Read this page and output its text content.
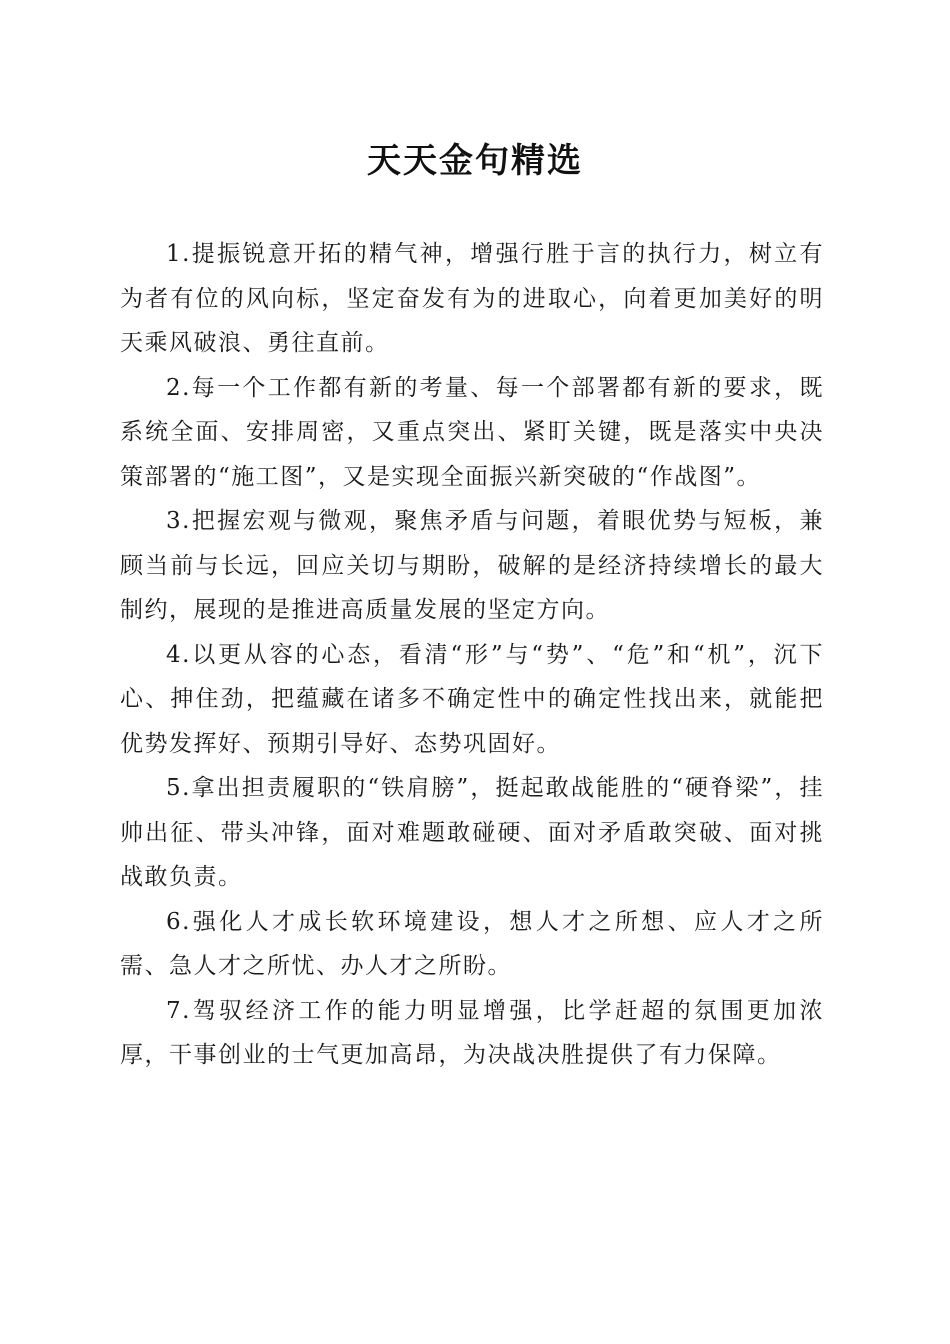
天天金句精选

1.提振锐意开拓的精气神，增强行胜于言的执行力，树立有为者有位的风向标，坚定奋发有为的进取心，向着更加美好的明天乘风破浪、勇往直前。

2.每一个工作都有新的考量、每一个部署都有新的要求，既系统全面、安排周密，又重点突出、紧盯关键，既是落实中央决策部署的“施工图”，又是实现全面振兴新突破的“作战图”。

3.把握宏观与微观，聚焦矛盾与问题，着眼优势与短板，兼顾当前与长远，回应关切与期盼，破解的是经济持续增长的最大制约，展现的是推进高质量发展的坚定方向。

4.以更从容的心态，看清“形”与“势”、“危”和“机”，沉下心、抻住劲，把蕴藏在诸多不确定性中的确定性找出来，就能把优势发挥好、预期引导好、态势巩固好。

5.拿出担责履职的“铁肩膀”，挺起敢战能胜的“硬脊梁”，挂帅出征、带头冲锋，面对难题敢碰硬、面对矛盾敢突破、面对挑战敢负责。

6.强化人才成长软环境建设，想人才之所想、应人才之所需、急人才之所忧、办人才之所盼。

7.驾驭经济工作的能力明显增强，比学赶超的氛围更加浓厚，干事创业的士气更加高昂，为决战决胜提供了有力保障。
